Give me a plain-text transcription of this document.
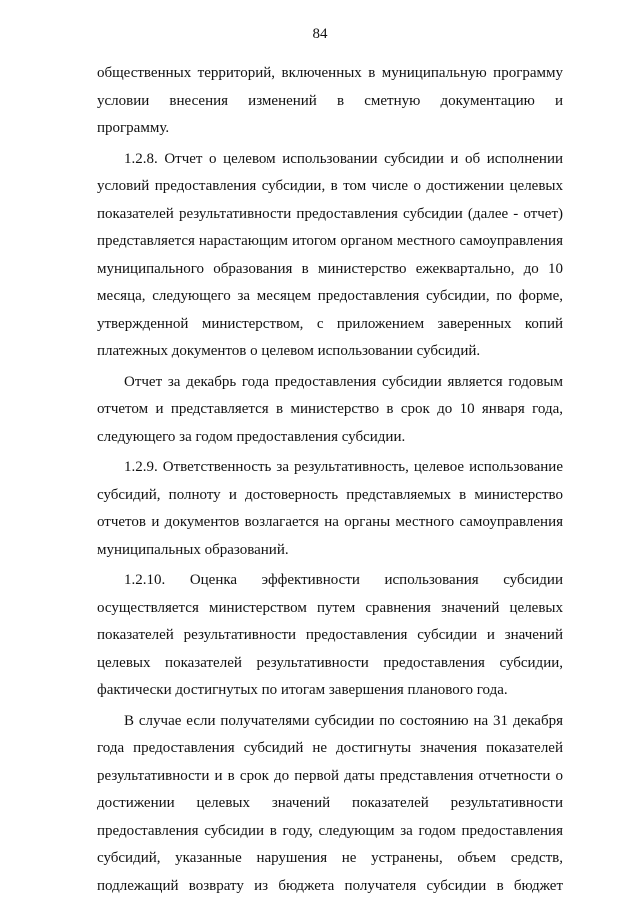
84
общественных территорий, включенных в муниципальную программу
условии внесения изменений в сметную документацию и
программу.
1.2.8. Отчет о целевом использовании субсидии и об исполнении
условий предоставления субсидии, в том числе о достижении целевых
показателей результативности предоставления субсидии (далее - отчет)
представляется нарастающим итогом органом местного самоуправления
муниципального образования в министерство ежеквартально, до 10
месяца, следующего за месяцем предоставления субсидии, по форме,
утвержденной министерством, с приложением заверенных копий
платежных документов о целевом использовании субсидий.
Отчет за декабрь года предоставления субсидии является годовым
отчетом и представляется в министерство в срок до 10 января года,
следующего за годом предоставления субсидии.
1.2.9. Ответственность за результативность, целевое использование
субсидий, полноту и достоверность представляемых в министерство
отчетов и документов возлагается на органы местного самоуправления
муниципальных образований.
1.2.10. Оценка эффективности использования субсидии
осуществляется министерством путем сравнения значений целевых
показателей результативности предоставления субсидии и значений
целевых показателей результативности предоставления субсидии,
фактически достигнутых по итогам завершения планового года.
В случае если получателями субсидии по состоянию на 31 декабря
года предоставления субсидий не достигнуты значения показателей
результативности и в срок до первой даты представления отчетности о
достижении целевых значений показателей результативности
предоставления субсидии в году, следующим за годом предоставления
субсидий, указанные нарушения не устранены, объем средств,
подлежащий возврату из бюджета получателя субсидии в бюджет
